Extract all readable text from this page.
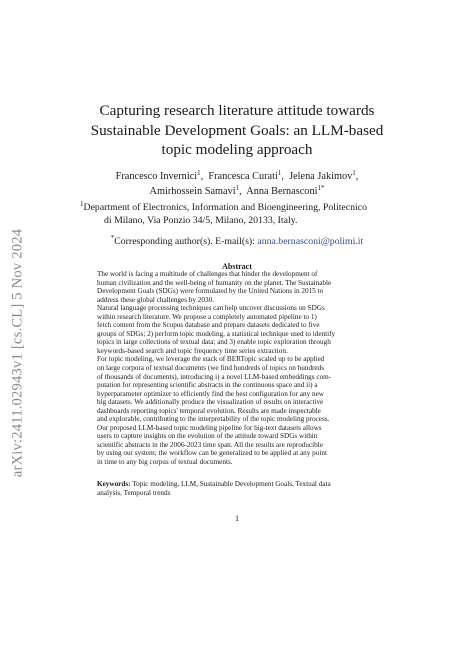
arXiv:2411.02943v1 [cs.CL] 5 Nov 2024
Capturing research literature attitude towards
Sustainable Development Goals: an LLM-based
topic modeling approach
Francesco Invernici$^1$,  Francesca Curati$^1$,  Jelena Jakimov$^1$,
Amirhossein Samavi$^1$,  Anna Bernasconi$^{1*}$
$^1$Department of Electronics, Information and Bioengineering, Politecnico
di Milano, Via Ponzio 34/5, Milano, 20133, Italy.
*Corresponding author(s). E-mail(s): anna.bernasconi@polimi.it
Abstract
The world is facing a multitude of challenges that hinder the development of
human civilization and the well-being of humanity on the planet. The Sustainable
Development Goals (SDGs) were formulated by the United Nations in 2015 to
address these global challenges by 2030.
Natural language processing techniques can help uncover discussions on SDGs
within research literature. We propose a completely automated pipeline to 1)
fetch content from the Scopus database and prepare datasets dedicated to five
groups of SDGs; 2) perform topic modeling, a statistical technique used to identify
topics in large collections of textual data; and 3) enable topic exploration through
keywords-based search and topic frequency time series extraction.
For topic modeling, we leverage the stack of BERTopic scaled up to be applied
on large corpora of textual documents (we find hundreds of topics on hundreds
of thousands of documents), introducing i) a novel LLM-based embeddings com-
putation for representing scientific abstracts in the continuous space and ii) a
hyperparameter optimizer to efficiently find the best configuration for any new
big datasets. We additionally produce the visualization of results on interactive
dashboards reporting topics' temporal evolution. Results are made inspectable
and explorable, contributing to the interpretability of the topic modeling process.
Our proposed LLM-based topic modeling pipeline for big-text datasets allows
users to capture insights on the evolution of the attitude toward SDGs within
scientific abstracts in the 2006-2023 time span. All the results are reproducible
by using our system; the workflow can be generalized to be applied at any point
in time to any big corpus of textual documents.
Keywords: Topic modeling, LLM, Sustainable Development Goals, Textual data
analysis, Temporal trends
1
